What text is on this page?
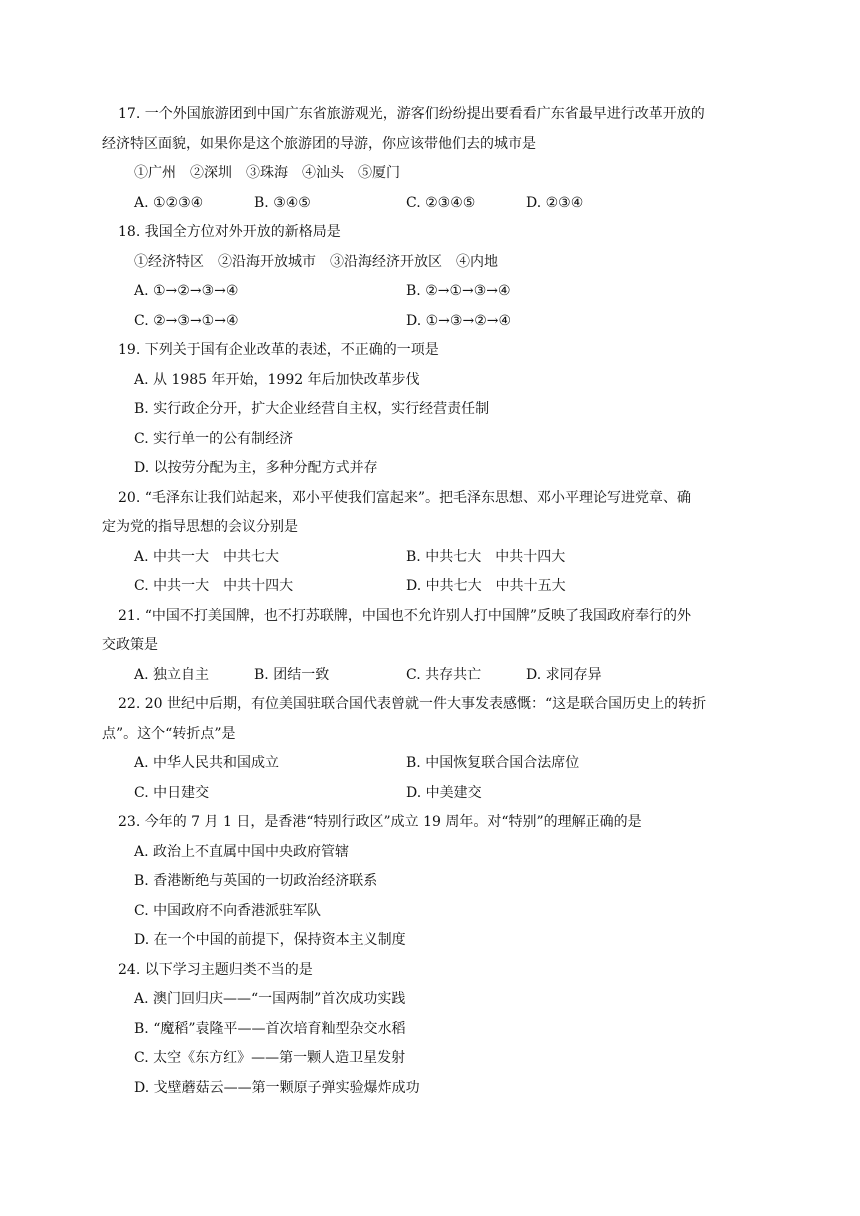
17. 一个外国旅游团到中国广东省旅游观光，游客们纷纷提出要看看广东省最早进行改革开放的
经济特区面貌，如果你是这个旅游团的导游，你应该带他们去的城市是
①广州　②深圳　③珠海　④汕头　⑤厦门
A. ①②③④	B. ③④⑤	C. ②③④⑤	D. ②③④
18. 我国全方位对外开放的新格局是
①经济特区　②沿海开放城市　③沿海经济开放区　④内地
A. ①→②→③→④	B. ②→①→③→④
C. ②→③→①→④	D. ①→③→②→④
19. 下列关于国有企业改革的表述，不正确的一项是
A. 从 1985 年开始，1992 年后加快改革步伐
B. 实行政企分开，扩大企业经营自主权，实行经营责任制
C. 实行单一的公有制经济
D. 以按劳分配为主，多种分配方式并存
20. “毛泽东让我们站起来，邓小平使我们富起来”。把毛泽东思想、邓小平理论写进党章、确
定为党的指导思想的会议分别是
A. 中共一大　中共七大	B. 中共七大　中共十四大
C. 中共一大　中共十四大	D. 中共七大　中共十五大
21. “中国不打美国牌，也不打苏联牌，中国也不允许别人打中国牌”反映了我国政府奉行的外
交政策是
A. 独立自主	B. 团结一致	C. 共存共亡	D. 求同存异
22. 20 世纪中后期，有位美国驻联合国代表曾就一件大事发表感慨：“这是联合国历史上的转折
点”。这个“转折点”是
A. 中华人民共和国成立	B. 中国恢复联合国合法席位
C. 中日建交	D. 中美建交
23. 今年的 7 月 1 日，是香港“特别行政区”成立 19 周年。对“特别”的理解正确的是
A. 政治上不直属中国中央政府管辖
B. 香港断绝与英国的一切政治经济联系
C. 中国政府不向香港派驻军队
D. 在一个中国的前提下，保持资本主义制度
24. 以下学习主题归类不当的是
A. 澳门回归庆——“一国两制”首次成功实践
B. “魔稻”袁隆平——首次培育籼型杂交水稻
C. 太空《东方红》——第一颗人造卫星发射
D. 戈壁蘑菇云——第一颗原子弹实验爆炸成功
